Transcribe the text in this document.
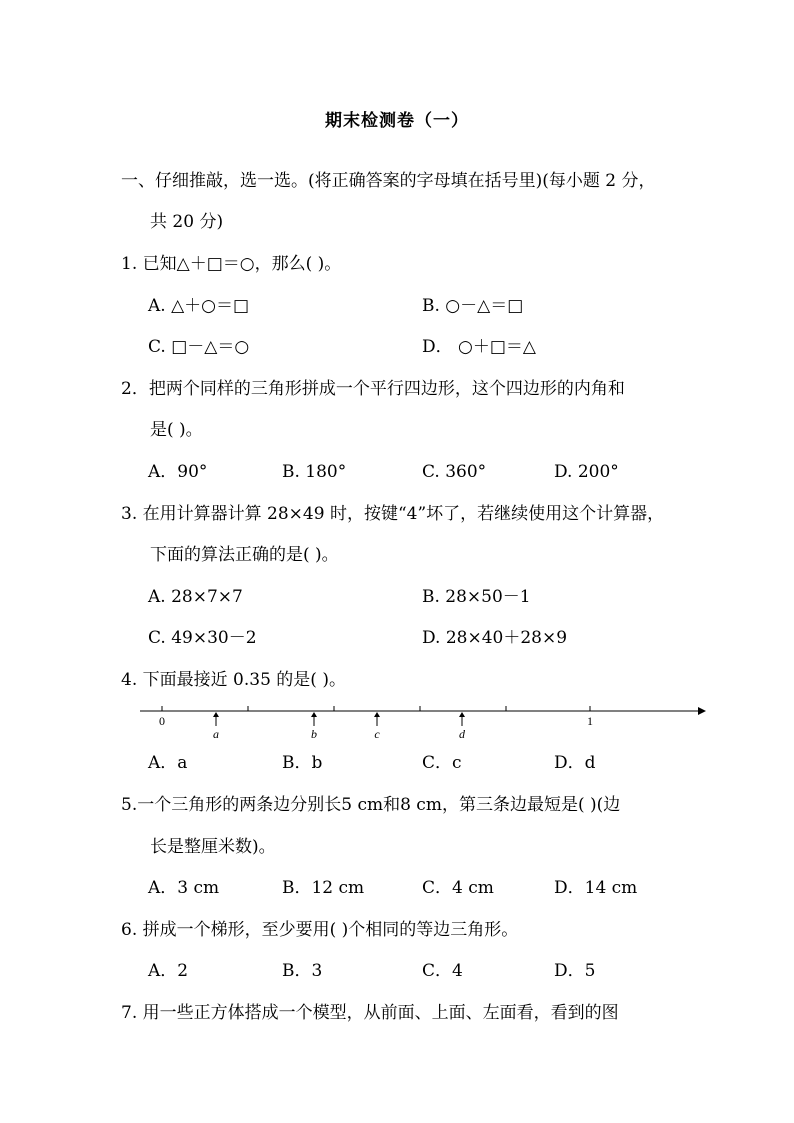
期末检测卷（一）
一、仔细推敲，选一选。(将正确答案的字母填在括号里)(每小题 2 分，
共 20 分)
1. 已知△＋□＝○，那么( )。
A. △＋○＝□	B. ○－△＝□
C. □－△＝○	D． ○＋□＝△
2．把两个同样的三角形拼成一个平行四边形，这个四边形的内角和
是( )。
A．90°	B. 180°	C. 360°	D. 200°
3. 在用计算器计算 28×49 时，按键“4”坏了，若继续使用这个计算器，
下面的算法正确的是( )。
A. 28×7×7	B. 28×50－1
C. 49×30－2	D. 28×40＋28×9
4. 下面最接近 0.35 的是( )。
0	1
a	b	c	d
A．a	B．b	C．c	D．d
5.一个三角形的两条边分别长5 cm和8 cm，第三条边最短是( )(边
长是整厘米数)。
A．3 cm	B．12 cm	C．4 cm	D．14 cm
6. 拼成一个梯形，至少要用( )个相同的等边三角形。
A．2	B．3	C．4	D．5
7. 用一些正方体搭成一个模型，从前面、上面、左面看，看到的图
